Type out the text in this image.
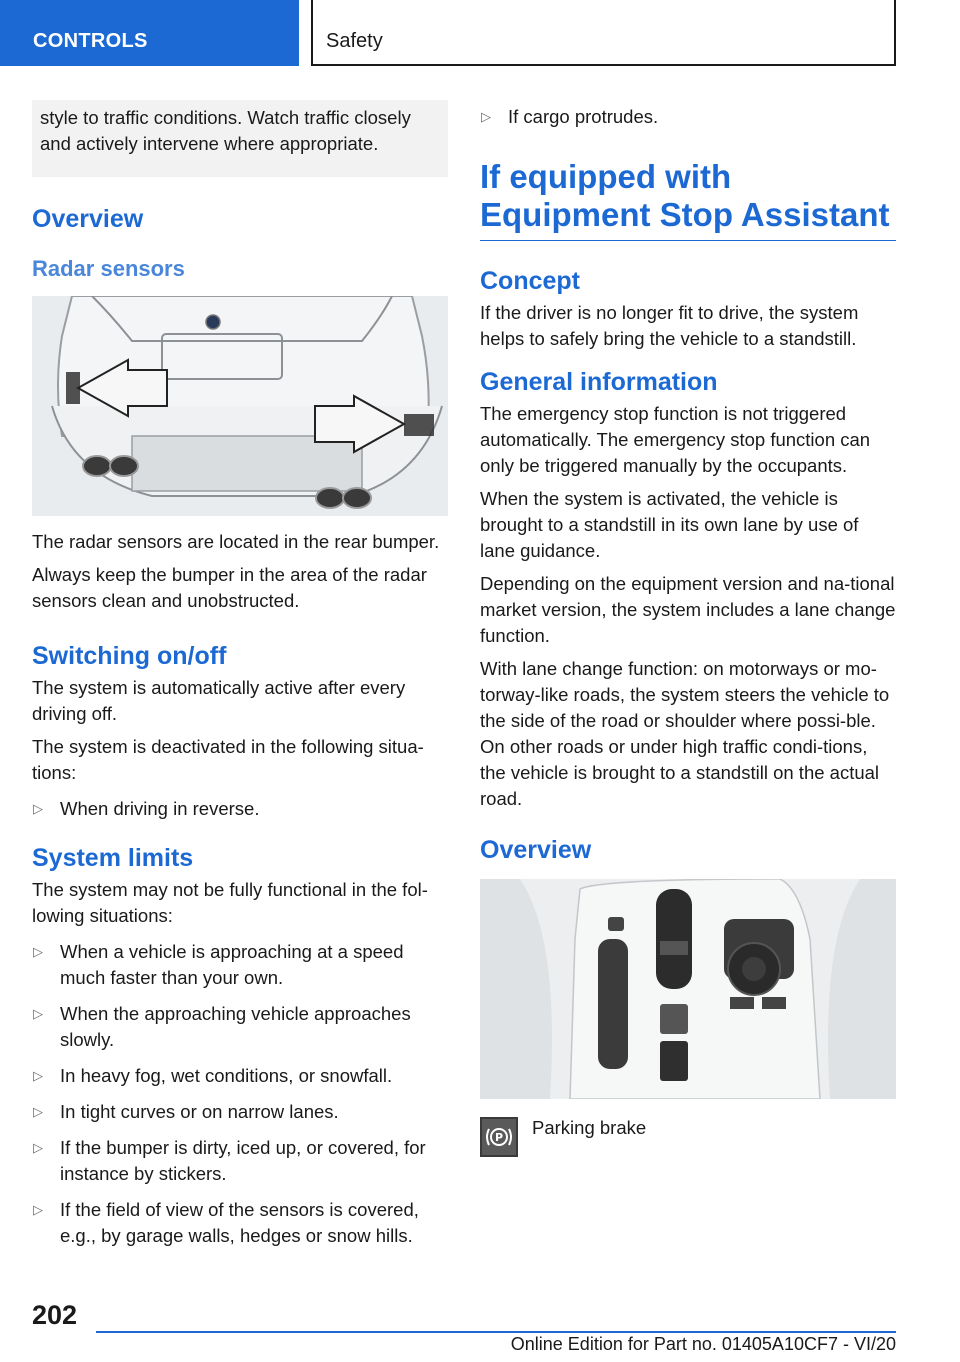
CONTROLS	Safety
style to traffic conditions. Watch traffic closely and actively intervene where appropriate.
Overview
Radar sensors

The radar sensors are located in the rear bumper.

Always keep the bumper in the area of the radar sensors clean and unobstructed.

Switching on/off

The system is automatically active after every driving off.

The system is deactivated in the following situa‐tions:

▷ When driving in reverse.
System limits

The system may not be fully functional in the fol‐lowing situations:

▷ When a vehicle is approaching at a speed much faster than your own.
▷ When the approaching vehicle approaches slowly.
▷ In heavy fog, wet conditions, or snowfall.
▷ In tight curves or on narrow lanes.
▷ If the bumper is dirty, iced up, or covered, for instance by stickers.
▷ If the field of view of the sensors is covered, e.g., by garage walls, hedges or snow hills.
▷ If cargo protrudes.
If equipped with Equipment Stop Assistant
Concept

If the driver is no longer fit to drive, the system helps to safely bring the vehicle to a standstill.

General information

The emergency stop function is not triggered automatically. The emergency stop function can only be triggered manually by the occupants.

When the system is activated, the vehicle is brought to a standstill in its own lane by use of lane guidance.

Depending on the equipment version and na‐tional market version, the system includes a lane change function.

With lane change function: on motorways or mo‐torway-like roads, the system steers the vehicle to the side of the road or shoulder where possi‐ble. On other roads or under high traffic condi‐tions, the vehicle is brought to a standstill on the actual road.

Overview
P Parking brake
202
Online Edition for Part no. 01405A10CF7 - VI/20
